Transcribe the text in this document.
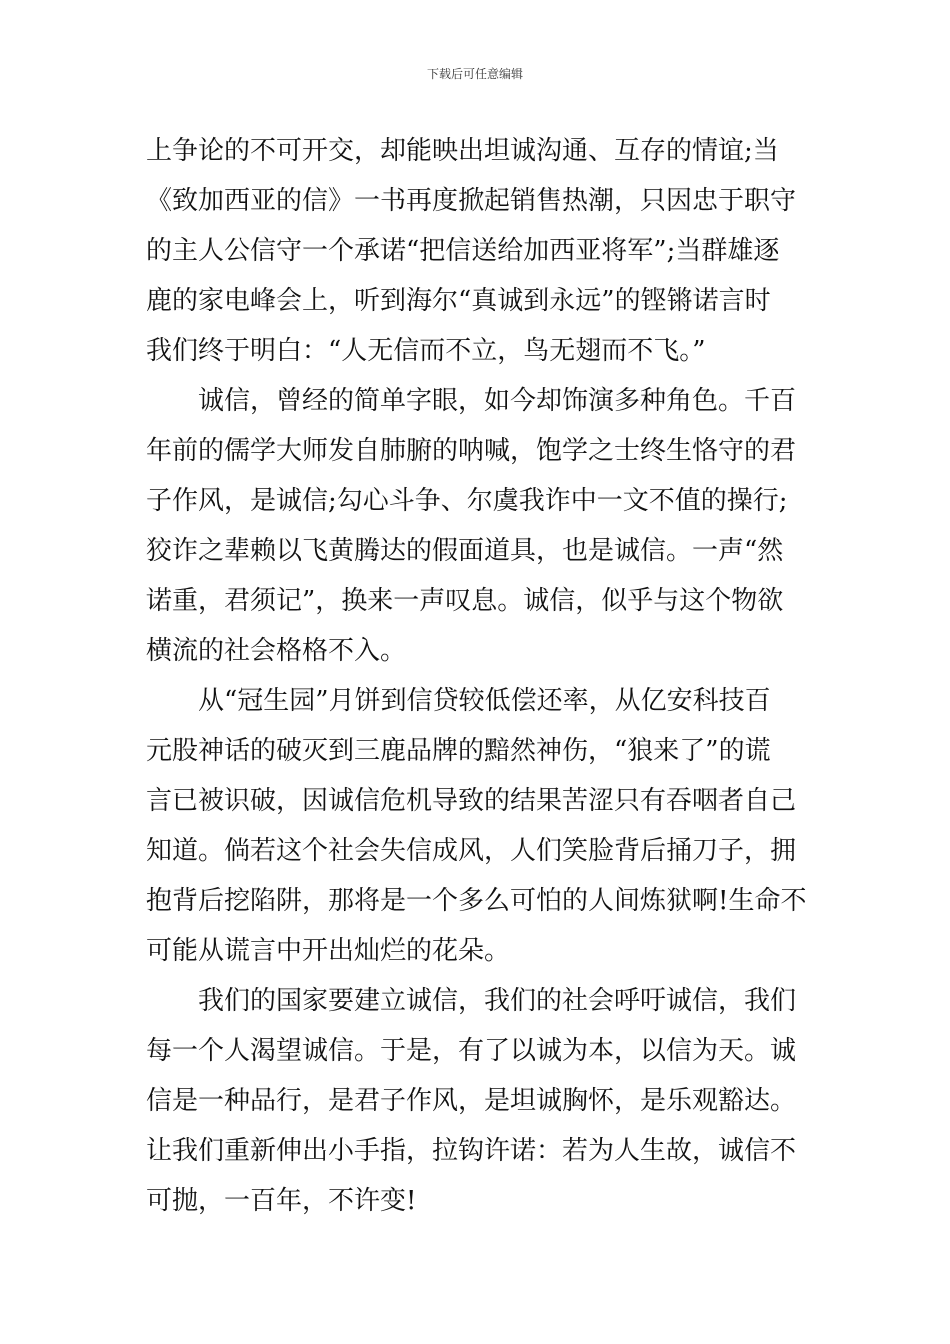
下载后可任意编辑
上争论的不可开交，却能映出坦诚沟通、互存的情谊;当
《致加西亚的信》一书再度掀起销售热潮，只因忠于职守
的主人公信守一个承诺“把信送给加西亚将军”;当群雄逐
鹿的家电峰会上，听到海尔“真诚到永远”的铿锵诺言时
我们终于明白：“人无信而不立，鸟无翅而不飞。”
诚信，曾经的简单字眼，如今却饰演多种角色。千百
年前的儒学大师发自肺腑的呐喊，饱学之士终生恪守的君
子作风，是诚信;勾心斗争、尔虞我诈中一文不值的操行;
狡诈之辈赖以飞黄腾达的假面道具，也是诚信。一声“然
诺重，君须记”，换来一声叹息。诚信，似乎与这个物欲
横流的社会格格不入。
从“冠生园”月饼到信贷较低偿还率，从亿安科技百
元股神话的破灭到三鹿品牌的黯然神伤，“狼来了”的谎
言已被识破，因诚信危机导致的结果苦涩只有吞咽者自己
知道。倘若这个社会失信成风，人们笑脸背后捅刀子，拥
抱背后挖陷阱，那将是一个多么可怕的人间炼狱啊!生命不
可能从谎言中开出灿烂的花朵。
我们的国家要建立诚信，我们的社会呼吁诚信，我们
每一个人渴望诚信。于是，有了以诚为本，以信为天。诚
信是一种品行，是君子作风，是坦诚胸怀，是乐观豁达。
让我们重新伸出小手指，拉钩许诺：若为人生故，诚信不
可抛，一百年，不许变!
